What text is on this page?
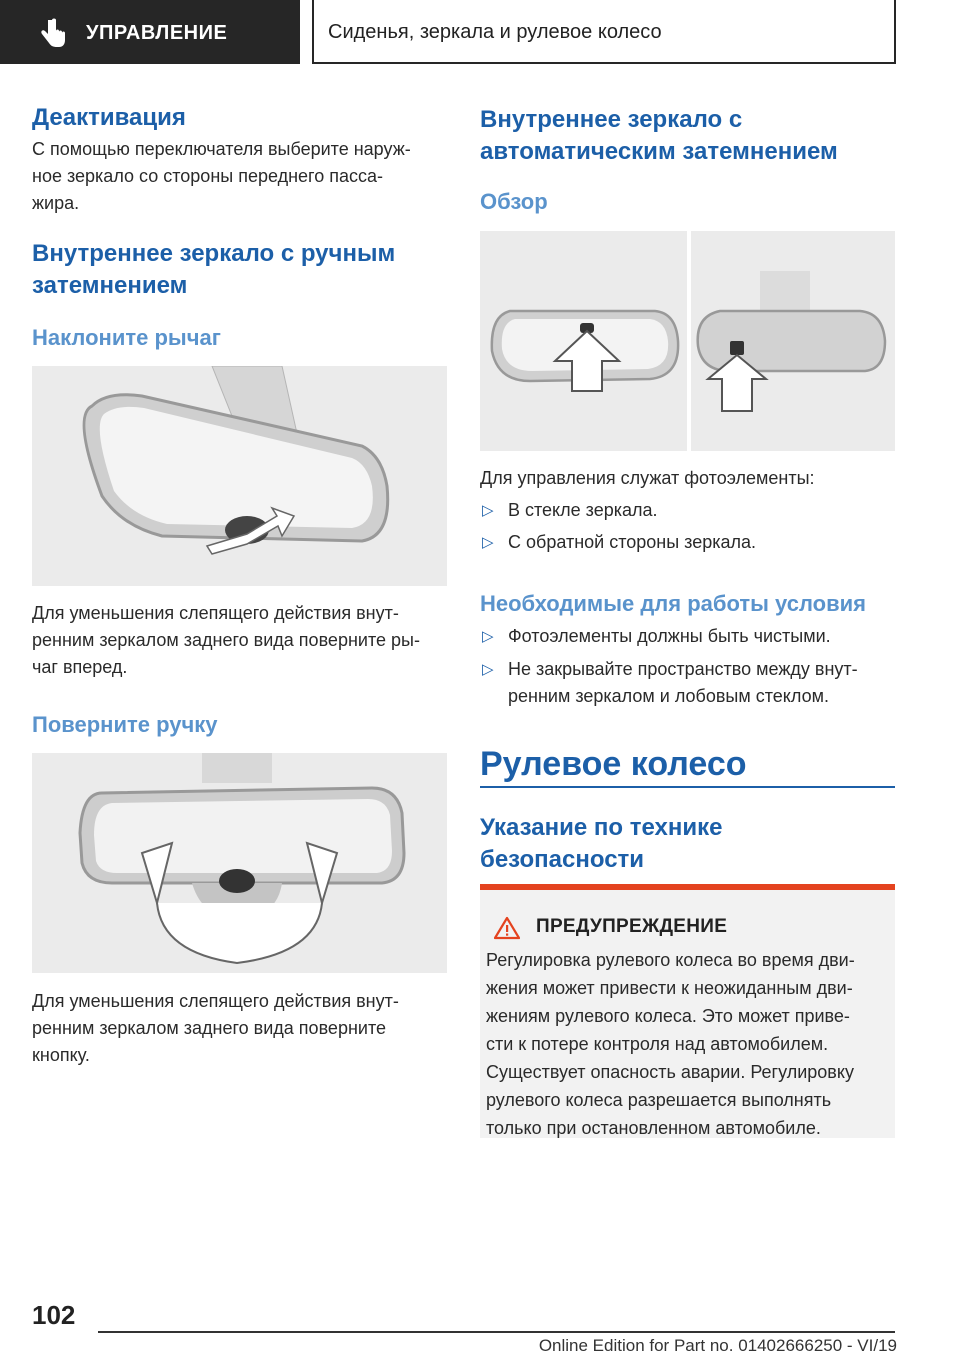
УПРАВЛЕНИЕ	Сиденья, зеркала и рулевое колесо
Деактивация
С помощью переключателя выберите наруж-
ное зеркало со стороны переднего пасса-
жира.
Внутреннее зеркало с ручным
затемнением
Наклоните рычаг
Для уменьшения слепящего действия внут-
ренним зеркалом заднего вида поверните ры-
чаг вперед.
Поверните ручку
Для уменьшения слепящего действия внут-
ренним зеркалом заднего вида поверните
кнопку.
Внутреннее зеркало с
автоматическим затемнением
Обзор
Для управления служат фотоэлементы:
▷ В стекле зеркала.
▷ С обратной стороны зеркала.
Необходимые для работы условия
▷ Фотоэлементы должны быть чистыми.
▷ Не закрывайте пространство между внут-
ренним зеркалом и лобовым стеклом.
Рулевое колесо
Указание по технике
безопасности
ПРЕДУПРЕЖДЕНИЕ
Регулировка рулевого колеса во время дви-
жения может привести к неожиданным дви-
жениям рулевого колеса. Это может приве-
сти к потере контроля над автомобилем.
Существует опасность аварии. Регулировку
рулевого колеса разрешается выполнять
только при остановленном автомобиле.
102
Online Edition for Part no. 01402666250 - VI/19
